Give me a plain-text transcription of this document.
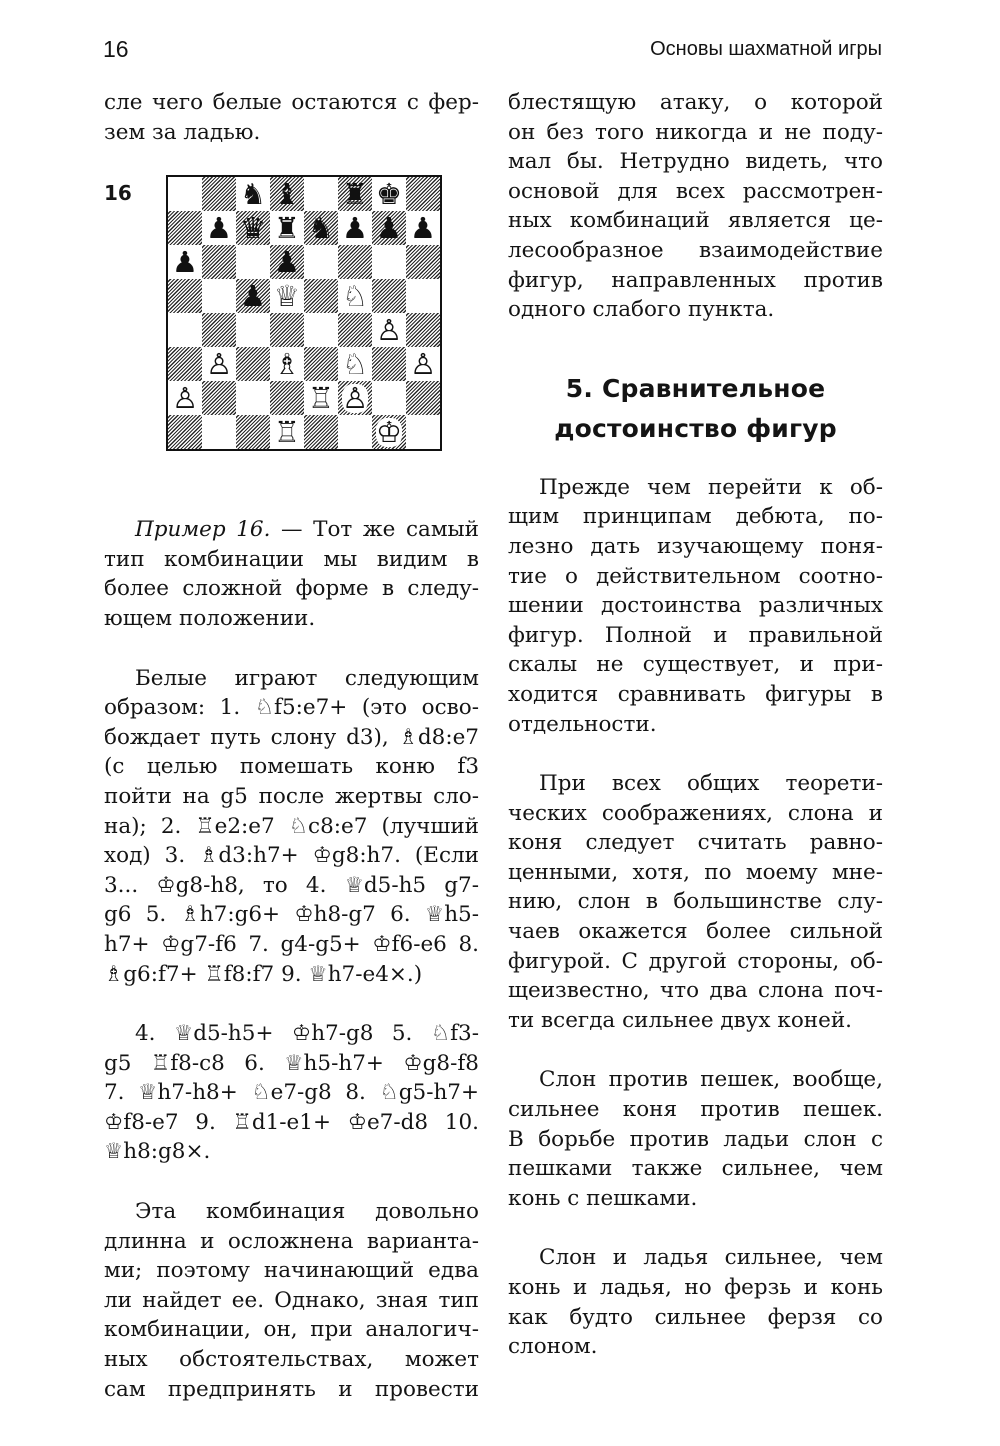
16	Основы шахматной игры
сле чего белые остаются с фер-
зем за ладью.
16	♞ ♝ ♜ ♚
♟ ♛ ♜ ♞ ♟ ♟ ♟
♟	♟
♟ ♕ ♘
♙
♙ ♗ ♘ ♙
♙	♖ ♙
♖	♔
Пример 16. — Тот же самый
тип комбинации мы видим в
более сложной форме в следу-
ющем положении.
Белые играют следующим
образом: 1. ♘f5:e7+ (это осво-
бождает путь слону d3), ♗d8:e7
(с целью помешать коню f3
пойти на g5 после жертвы сло-
на); 2. ♖e2:e7 ♘c8:e7 (лучший
ход) 3. ♗d3:h7+ ♔g8:h7. (Если
3... ♔g8-h8, то 4. ♕d5-h5 g7-
g6 5. ♗h7:g6+ ♔h8-g7 6. ♕h5-
h7+ ♔g7-f6 7. g4-g5+ ♔f6-e6 8.
♗g6:f7+ ♖f8:f7 9. ♕h7-e4×.)
4. ♕d5-h5+ ♔h7-g8 5. ♘f3-
g5 ♖f8-c8 6. ♕h5-h7+ ♔g8-f8
7. ♕h7-h8+ ♘e7-g8 8. ♘g5-h7+
♔f8-e7 9. ♖d1-e1+ ♔e7-d8 10.
♕h8:g8×.
Эта комбинация довольно
длинна и осложнена варианта-
ми; поэтому начинающий едва
ли найдет ее. Однако, зная тип
комбинации, он, при аналогич-
ных обстоятельствах, может
сам предпринять и провести
блестящую атаку, о которой
он без того никогда и не поду-
мал бы. Нетрудно видеть, что
основой для всех рассмотрен-
ных комбинаций является це-
лесообразное взаимодействие
фигур, направленных против
одного слабого пункта.
5. Сравнительное
достоинство фигур
Прежде чем перейти к об-
щим принципам дебюта, по-
лезно дать изучающему поня-
тие о действительном соотно-
шении достоинства различных
фигур. Полной и правильной
скалы не существует, и при-
ходится сравнивать фигуры в
отдельности.
При всех общих теорети-
ческих соображениях, слона и
коня следует считать равно-
ценными, хотя, по моему мне-
нию, слон в большинстве слу-
чаев окажется более сильной
фигурой. С другой стороны, об-
щеизвестно, что два слона поч-
ти всегда сильнее двух коней.
Слон против пешек, вообще,
сильнее коня против пешек.
В борьбе против ладьи слон с
пешками также сильнее, чем
конь с пешками.
Слон и ладья сильнее, чем
конь и ладья, но ферзь и конь
как будто сильнее ферзя со
слоном.
